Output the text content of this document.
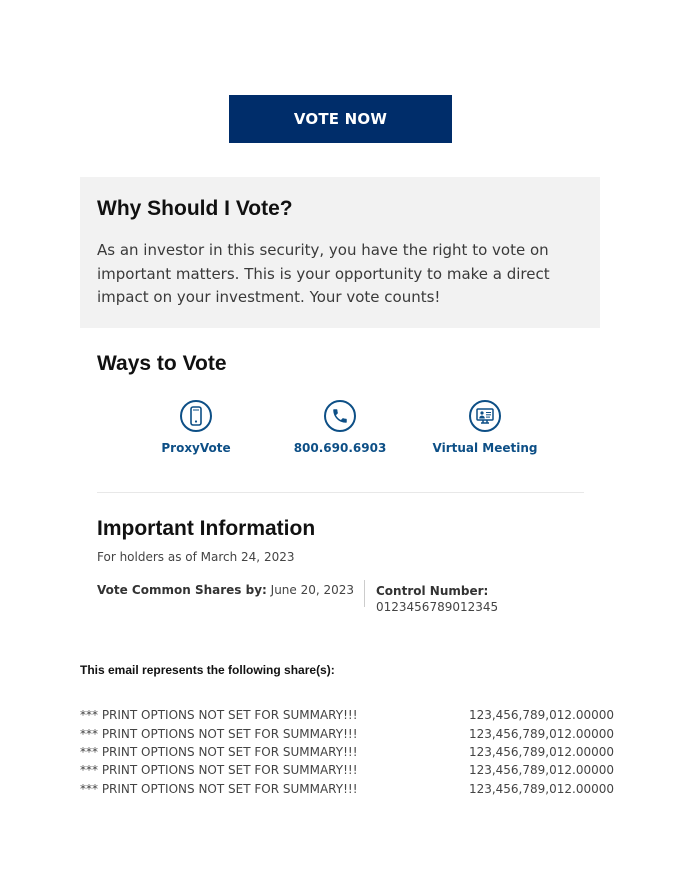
VOTE NOW
Why Should I Vote?

As an investor in this security, you have the right to vote on important matters. This is your opportunity to make a direct impact on your investment. Your vote counts!

Ways to Vote
ProxyVote	800.690.6903	Virtual Meeting
Important Information
For holders as of March 24, 2023
Vote Common Shares by: June 20, 2023 Control Number:
0123456789012345
This email represents the following share(s):
*** PRINT OPTIONS NOT SET FOR SUMMARY!!!	123,456,789,012.00000
*** PRINT OPTIONS NOT SET FOR SUMMARY!!!	123,456,789,012.00000
*** PRINT OPTIONS NOT SET FOR SUMMARY!!!	123,456,789,012.00000
*** PRINT OPTIONS NOT SET FOR SUMMARY!!!	123,456,789,012.00000
*** PRINT OPTIONS NOT SET FOR SUMMARY!!!	123,456,789,012.00000
